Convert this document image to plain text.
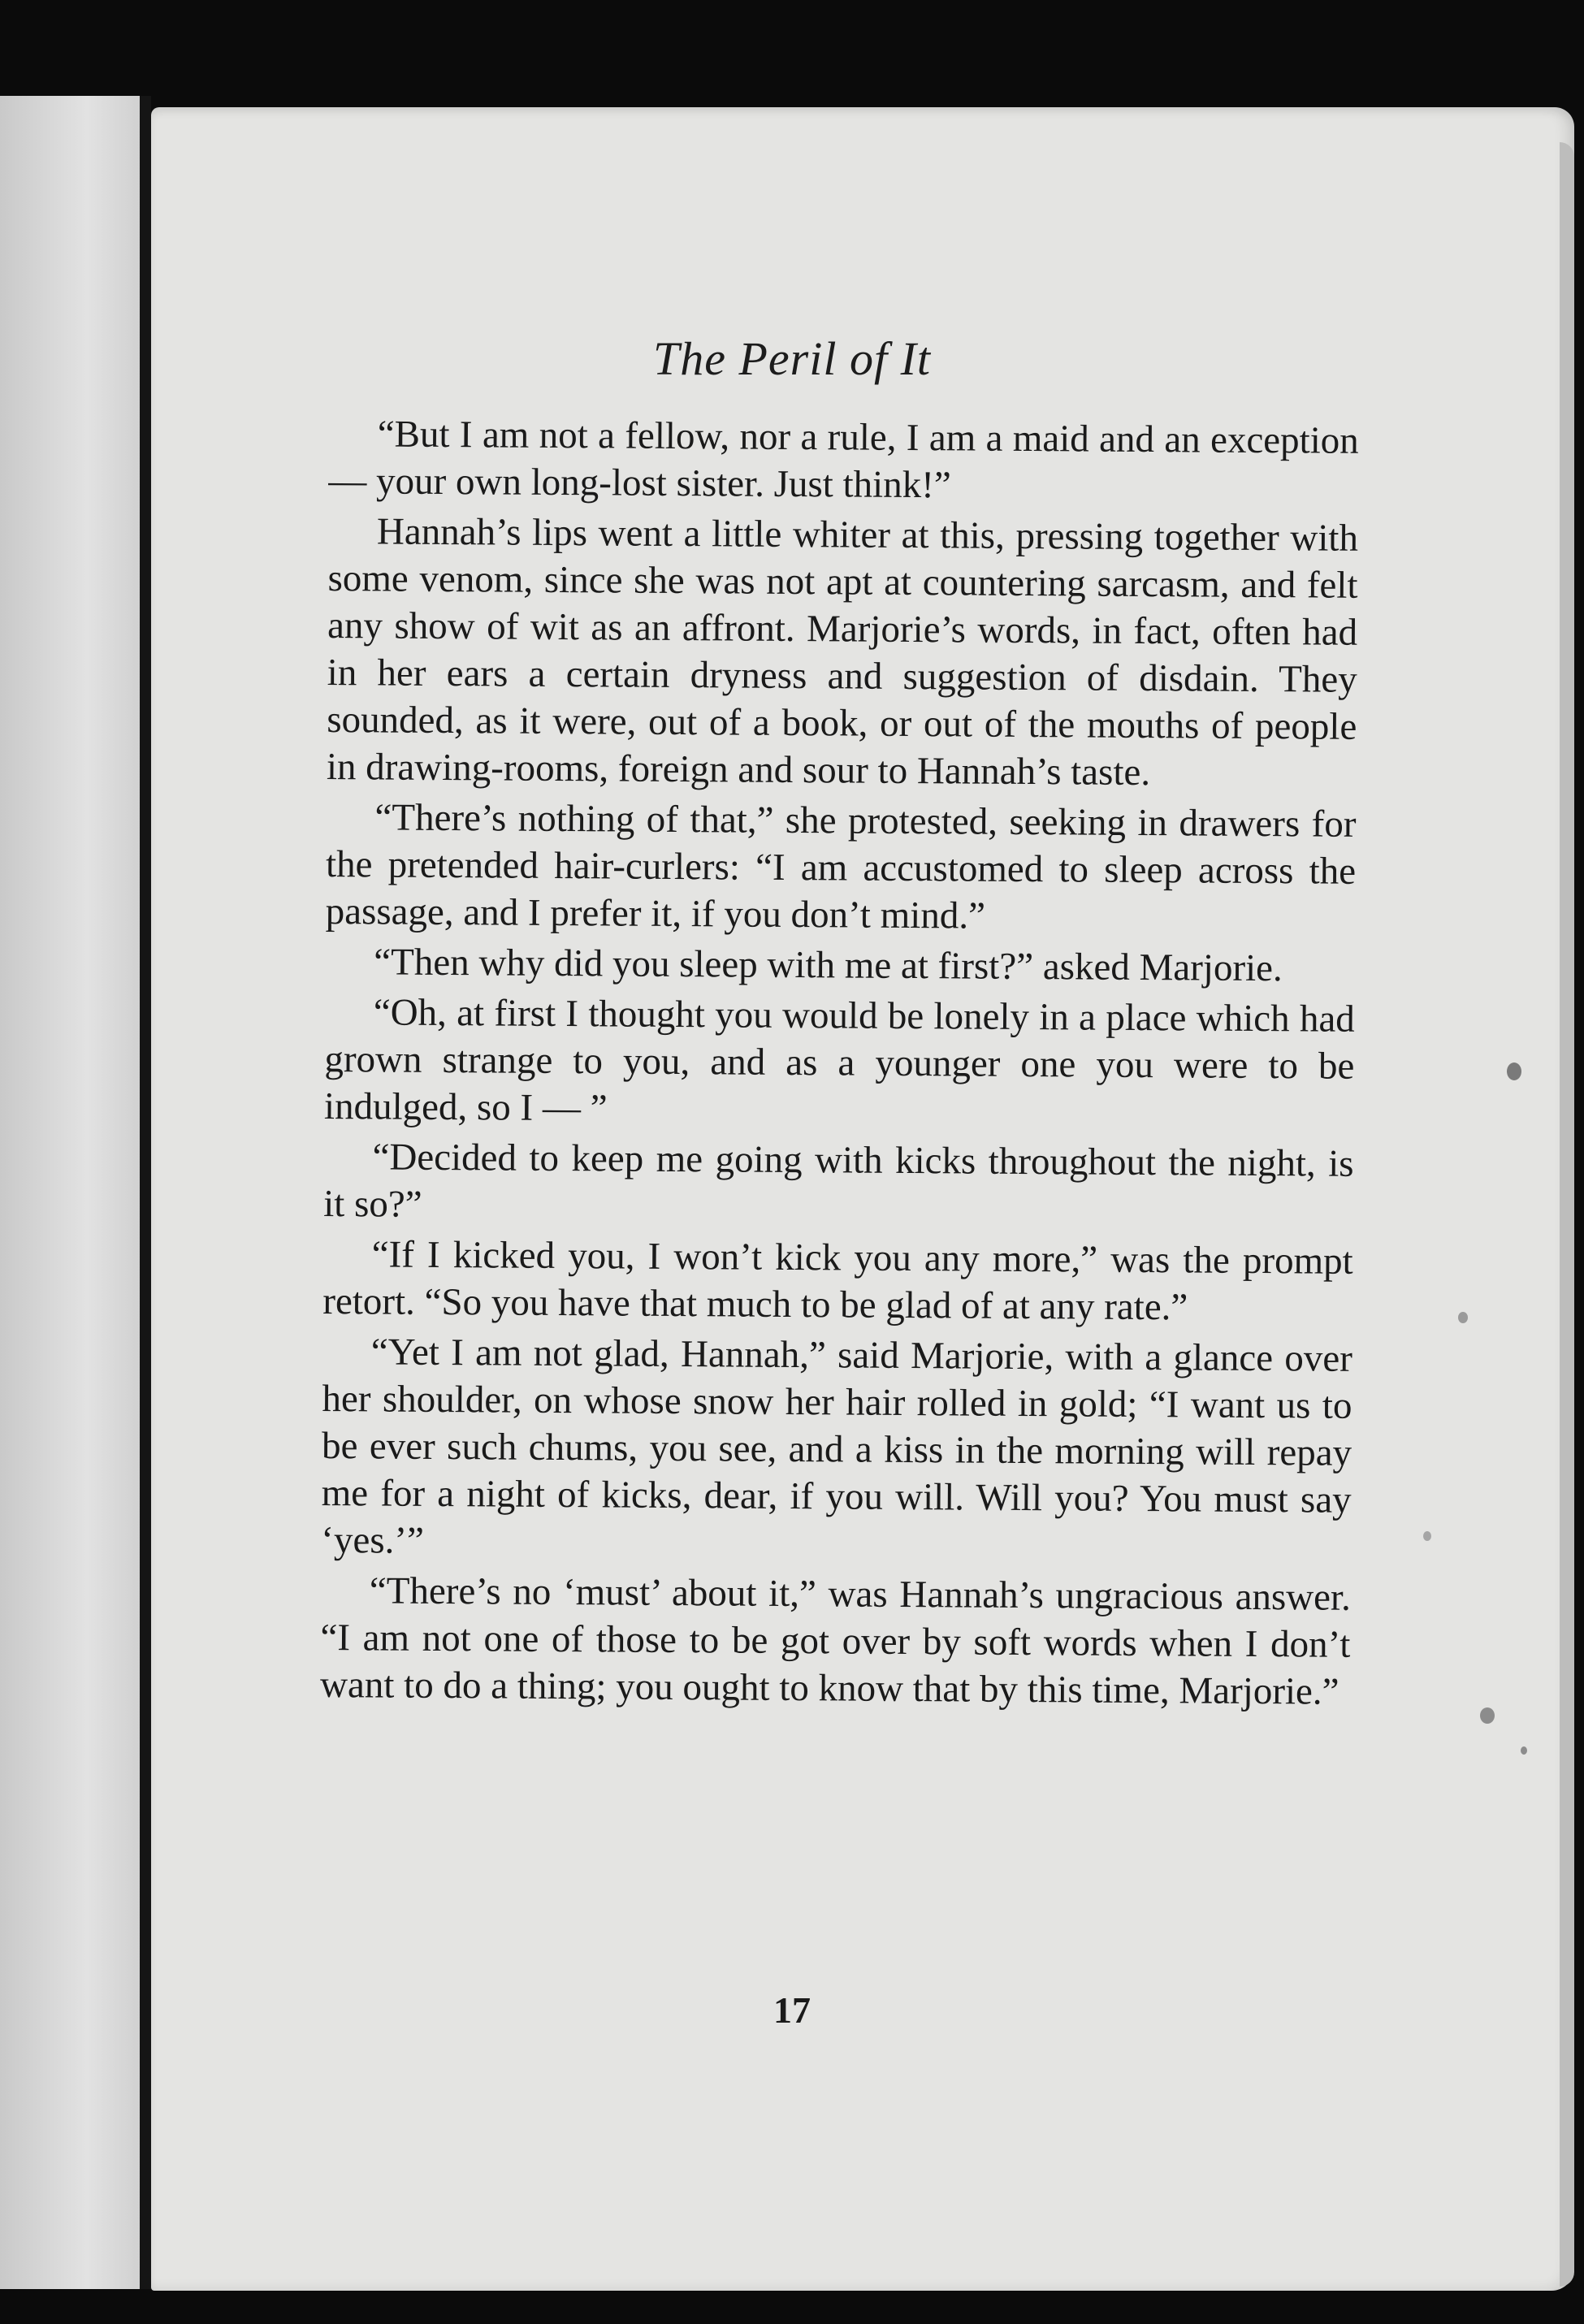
The Peril of It

“But I am not a fellow, nor a rule, I am a maid and an exception — your own long-lost sister. Just think!”

Hannah’s lips went a little whiter at this, pressing together with some venom, since she was not apt at countering sarcasm, and felt any show of wit as an affront. Marjorie’s words, in fact, often had in her ears a certain dryness and suggestion of disdain. They sounded, as it were, out of a book, or out of the mouths of people in drawing-rooms, foreign and sour to Hannah’s taste.

“There’s nothing of that,” she protested, seeking in drawers for the pretended hair-curlers: “I am accustomed to sleep across the passage, and I prefer it, if you don’t mind.”

“Then why did you sleep with me at first?” asked Marjorie.

“Oh, at first I thought you would be lonely in a place which had grown strange to you, and as a younger one you were to be indulged, so I — ”

“Decided to keep me going with kicks throughout the night, is it so?”

“If I kicked you, I won’t kick you any more,” was the prompt retort. “So you have that much to be glad of at any rate.”

“Yet I am not glad, Hannah,” said Marjorie, with a glance over her shoulder, on whose snow her hair rolled in gold; “I want us to be ever such chums, you see, and a kiss in the morning will repay me for a night of kicks, dear, if you will. Will you? You must say ‘yes.’”

“There’s no ‘must’ about it,” was Hannah’s ungracious answer. “I am not one of those to be got over by soft words when I don’t want to do a thing; you ought to know that by this time, Marjorie.”

17
